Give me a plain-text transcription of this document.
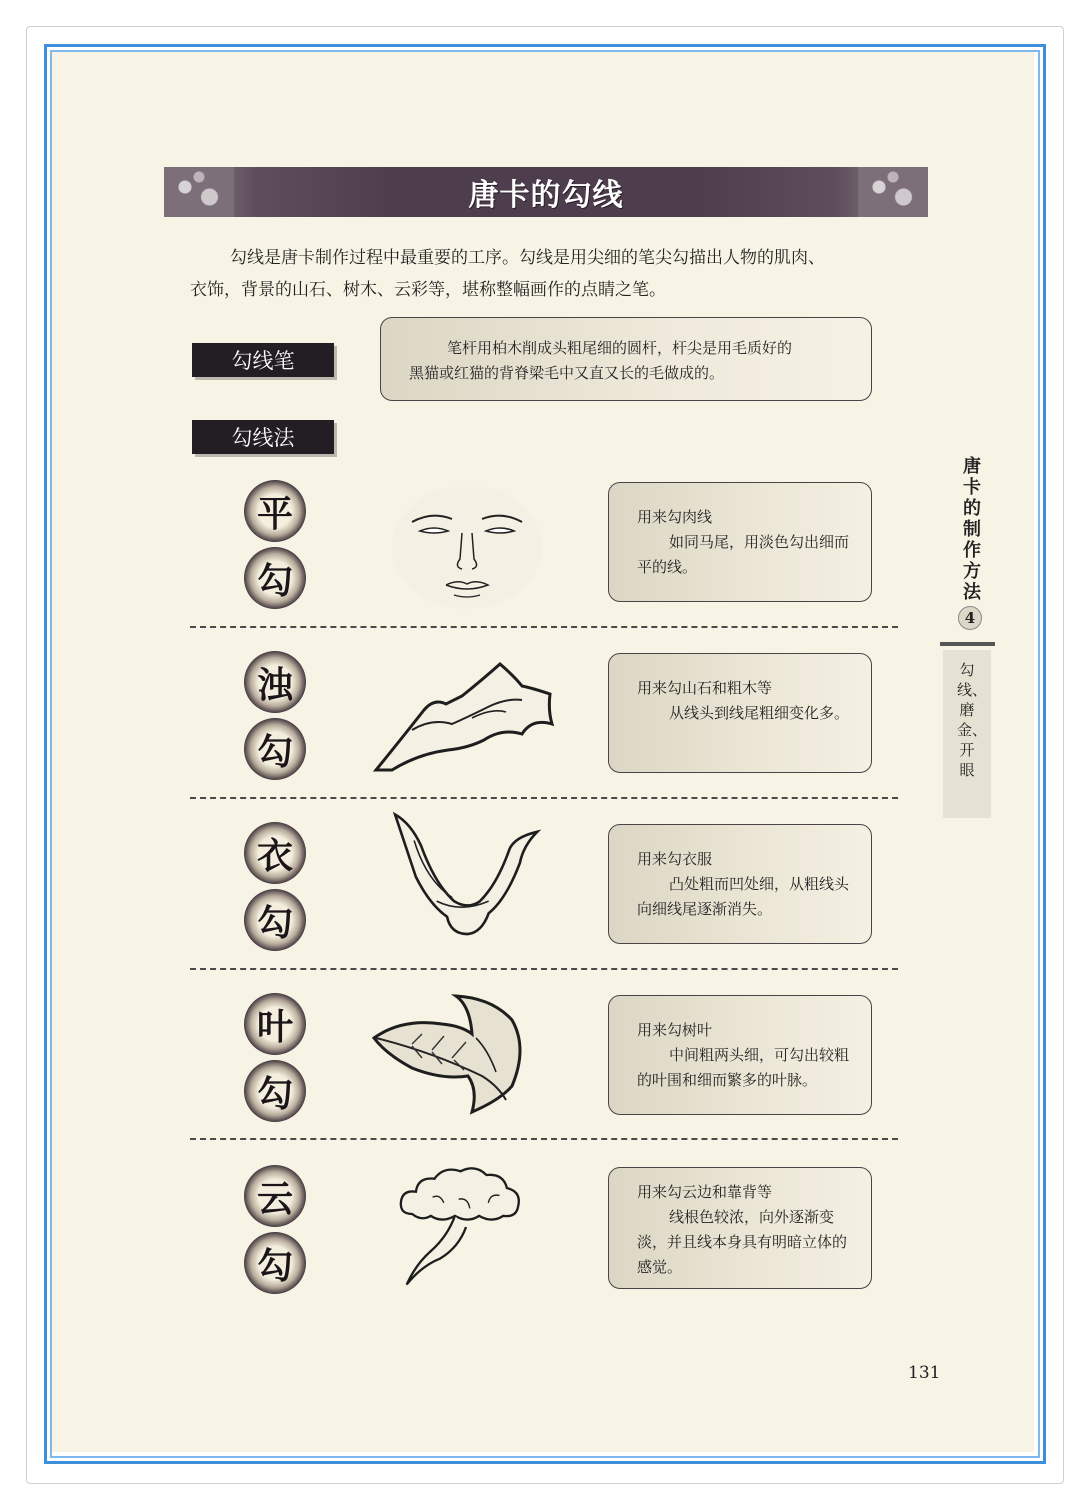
唐卡的勾线
勾线是唐卡制作过程中最重要的工序。勾线是用尖细的笔尖勾描出人物的肌肉、
衣饰，背景的山石、树木、云彩等，堪称整幅画作的点睛之笔。
勾线笔
笔杆用柏木削成头粗尾细的圆杆，杆尖是用毛质好的
黑猫或红猫的背脊梁毛中又直又长的毛做成的。
勾线法
平
勾
用来勾肉线
如同马尾，用淡色勾出细而平的线。
浊
勾
用来勾山石和粗木等
从线头到线尾粗细变化多。
衣
勾
用来勾衣服
凸处粗而凹处细，从粗线头向细线尾逐渐消失。
叶
勾
用来勾树叶
中间粗两头细，可勾出较粗的叶围和细而繁多的叶脉。
云
勾
用来勾云边和靠背等
线根色较浓，向外逐渐变淡，并且线本身具有明暗立体的感觉。
唐卡的制作方法
4
勾线、磨金、开眼
131
